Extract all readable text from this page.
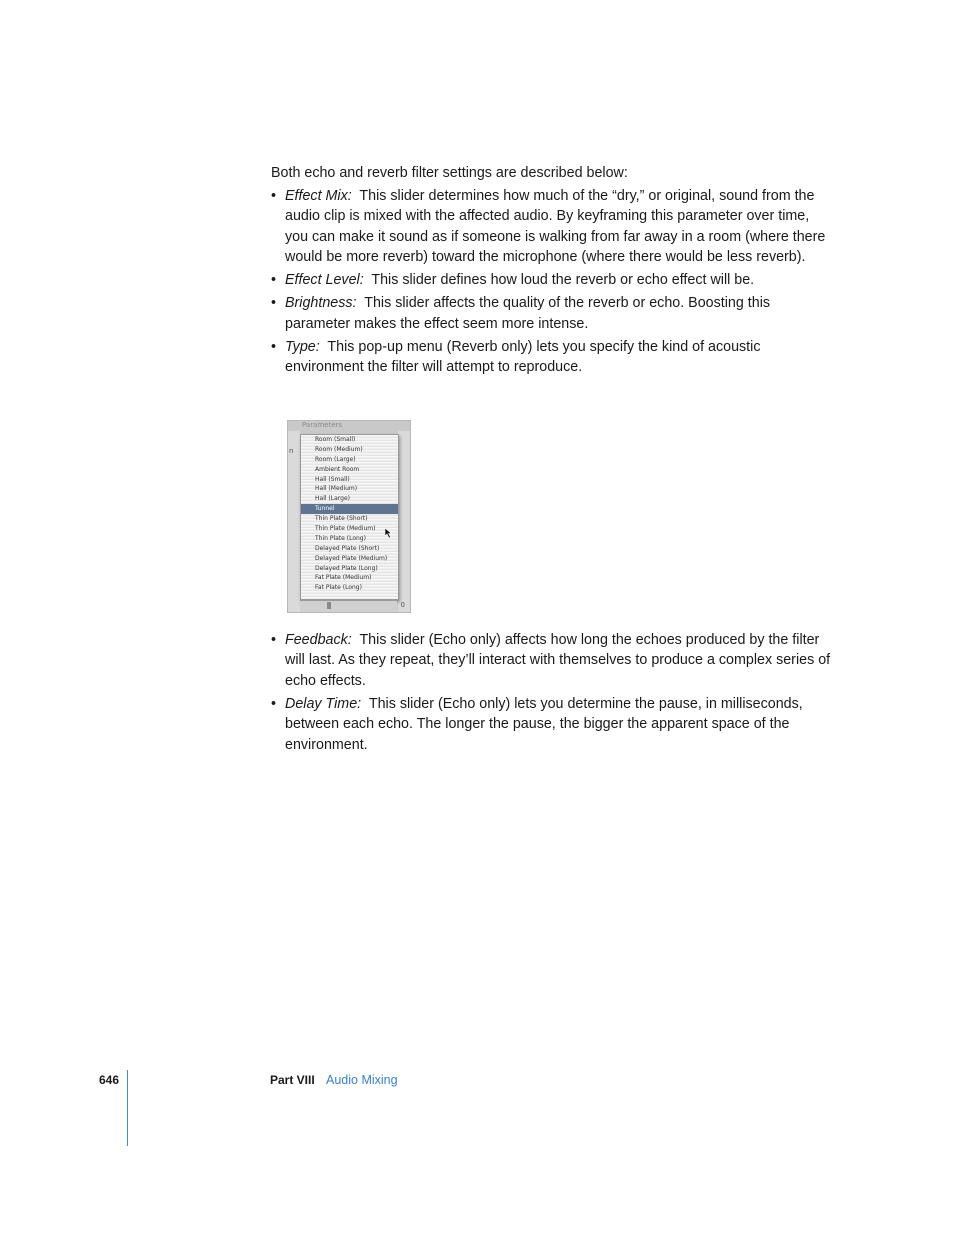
Both echo and reverb filter settings are described below:

• Effect Mix: This slider determines how much of the “dry,” or original, sound from the audio clip is mixed with the affected audio. By keyframing this parameter over time, you can make it sound as if someone is walking from far away in a room (where there would be more reverb) toward the microphone (where there would be less reverb).
• Effect Level: This slider defines how loud the reverb or echo effect will be.
• Brightness: This slider affects the quality of the reverb or echo. Boosting this parameter makes the effect seem more intense.
• Type: This pop-up menu (Reverb only) lets you specify the kind of acoustic environment the filter will attempt to reproduce.
Parameters
n
Room (Small)
Room (Medium)
Room (Large)
Ambient Room
Hall (Small)
Hall (Medium)
Hall (Large)
Tunnel
Thin Plate (Short)
Thin Plate (Medium)
Thin Plate (Long)
Delayed Plate (Short)
Delayed Plate (Medium)
Delayed Plate (Long)
Fat Plate (Medium)
Fat Plate (Long)
0
• Feedback: This slider (Echo only) affects how long the echoes produced by the filter will last. As they repeat, they’ll interact with themselves to produce a complex series of echo effects.
• Delay Time: This slider (Echo only) lets you determine the pause, in milliseconds, between each echo. The longer the pause, the bigger the apparent space of the environment.
646	Part VIII Audio Mixing
